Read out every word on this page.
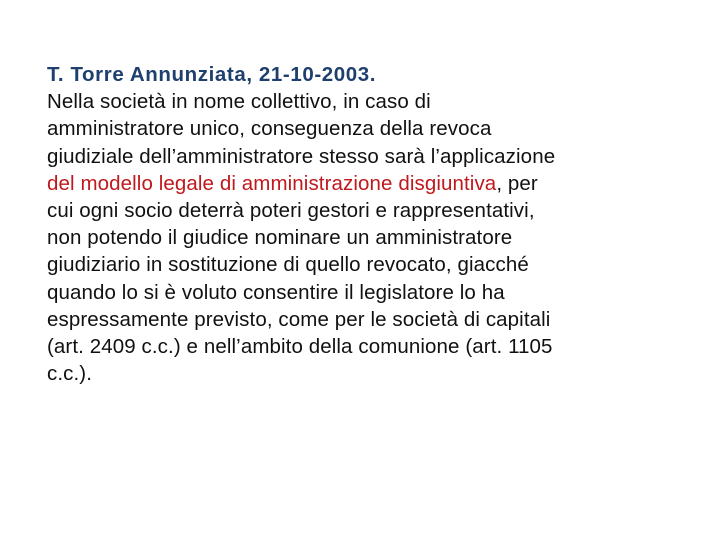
T. Torre Annunziata, 21-10-2003.
Nella società in nome collettivo, in caso di
amministratore unico, conseguenza della revoca
giudiziale dell’amministratore stesso sarà l’applicazione
del modello legale di amministrazione disgiuntiva, per
cui ogni socio deterrà poteri gestori e rappresentativi,
non potendo il giudice nominare un amministratore
giudiziario in sostituzione di quello revocato, giacché
quando lo si è voluto consentire il legislatore lo ha
espressamente previsto, come per le società di capitali
(art. 2409 c.c.) e nell’ambito della comunione (art. 1105
c.c.).
